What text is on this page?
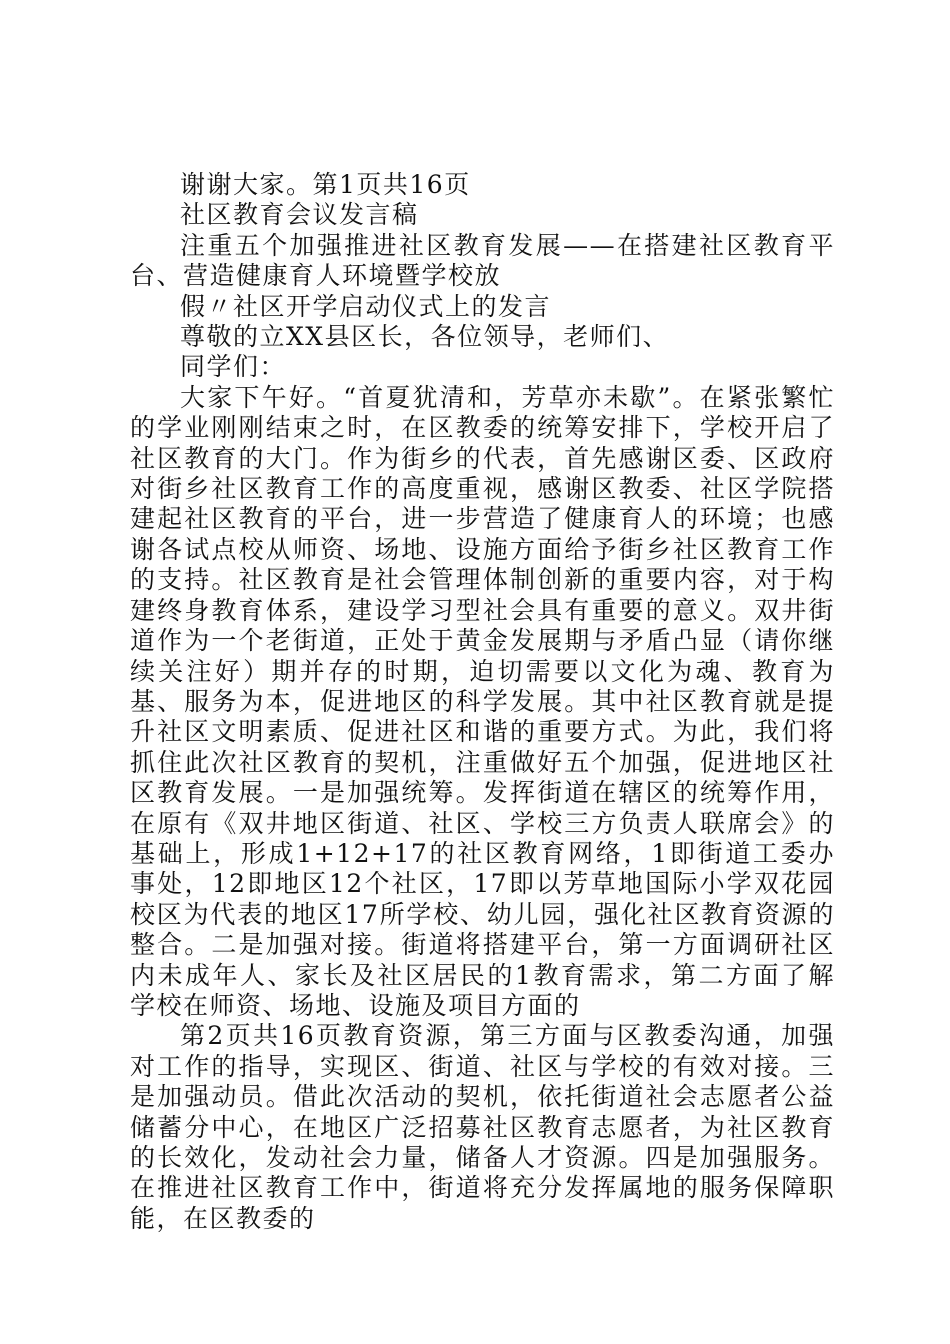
谢谢大家。第1页共16页

社区教育会议发言稿

注重五个加强推进社区教育发展——在搭建社区教育平台、营造健康育人环境暨学校放

假〃社区开学启动仪式上的发言

尊敬的立XX县区长，各位领导，老师们、

同学们：

大家下午好。“首夏犹清和，芳草亦未歇”。在紧张繁忙的学业刚刚结束之时，在区教委的统筹安排下，学校开启了社区教育的大门。作为街乡的代表，首先感谢区委、区政府对街乡社区教育工作的高度重视，感谢区教委、社区学院搭建起社区教育的平台，进一步营造了健康育人的环境；也感谢各试点校从师资、场地、设施方面给予街乡社区教育工作的支持。社区教育是社会管理体制创新的重要内容，对于构建终身教育体系，建设学习型社会具有重要的意义。双井街道作为一个老街道，正处于黄金发展期与矛盾凸显（请你继续关注好）期并存的时期，迫切需要以文化为魂、教育为基、服务为本，促进地区的科学发展。其中社区教育就是提升社区文明素质、促进社区和谐的重要方式。为此，我们将抓住此次社区教育的契机，注重做好五个加强，促进地区社区教育发展。一是加强统筹。发挥街道在辖区的统筹作用，在原有《双井地区街道、社区、学校三方负责人联席会》的基础上，形成1+12+17的社区教育网络，1即街道工委办事处，12即地区12个社区，17即以芳草地国际小学双花园校区为代表的地区17所学校、幼儿园，强化社区教育资源的整合。二是加强对接。街道将搭建平台，第一方面调研社区内未成年人、家长及社区居民的1教育需求，第二方面了解学校在师资、场地、设施及项目方面的

第2页共16页教育资源，第三方面与区教委沟通，加强对工作的指导，实现区、街道、社区与学校的有效对接。三是加强动员。借此次活动的契机，依托街道社会志愿者公益储蓄分中心，在地区广泛招募社区教育志愿者，为社区教育的长效化，发动社会力量，储备人才资源。四是加强服务。在推进社区教育工作中，街道将充分发挥属地的服务保障职能，在区教委的
